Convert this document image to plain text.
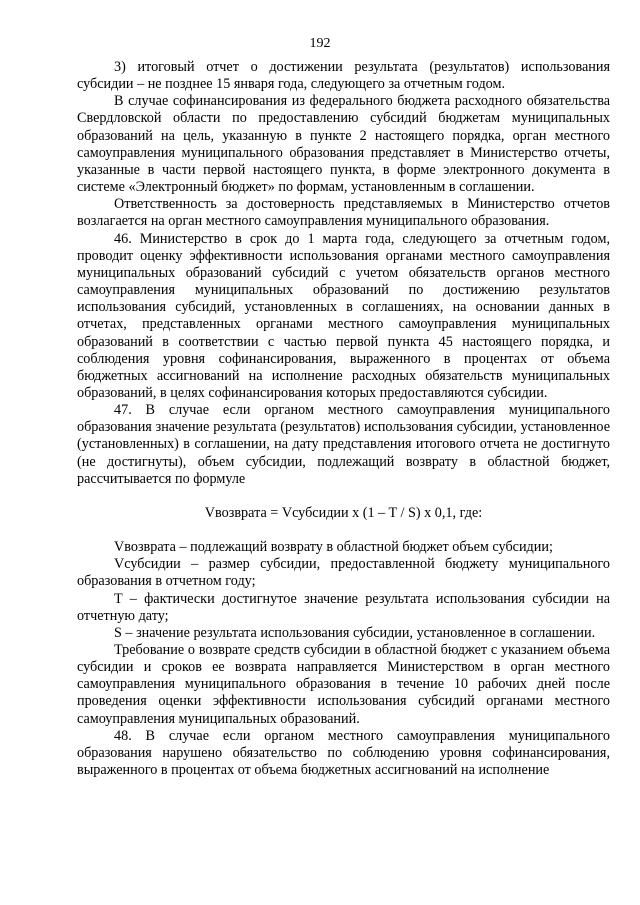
192

3) итоговый отчет о достижении результата (результатов) использования субсидии – не позднее 15 января года, следующего за отчетным годом.

В случае софинансирования из федерального бюджета расходного обязательства Свердловской области по предоставлению субсидий бюджетам муниципальных образований на цель, указанную в пункте 2 настоящего порядка, орган местного самоуправления муниципального образования представляет в Министерство отчеты, указанные в части первой настоящего пункта, в форме электронного документа в системе «Электронный бюджет» по формам, установленным в соглашении.

Ответственность за достоверность представляемых в Министерство отчетов возлагается на орган местного самоуправления муниципального образования.

46. Министерство в срок до 1 марта года, следующего за отчетным годом, проводит оценку эффективности использования органами местного самоуправления муниципальных образований субсидий с учетом обязательств органов местного самоуправления муниципальных образований по достижению результатов использования субсидий, установленных в соглашениях, на основании данных в отчетах, представленных органами местного самоуправления муниципальных образований в соответствии с частью первой пункта 45 настоящего порядка, и соблюдения уровня софинансирования, выраженного в процентах от объема бюджетных ассигнований на исполнение расходных обязательств муниципальных образований, в целях софинансирования которых предоставляются субсидии.

47. В случае если органом местного самоуправления муниципального образования значение результата (результатов) использования субсидии, установленное (установленных) в соглашении, на дату представления итогового отчета не достигнуто (не достигнуты), объем субсидии, подлежащий возврату в областной бюджет, рассчитывается по формуле

Vвозврата = Vсубсидии x (1 – T / S) x 0,1, где:

Vвозврата – подлежащий возврату в областной бюджет объем субсидии;

Vсубсидии – размер субсидии, предоставленной бюджету муниципального образования в отчетном году;

T – фактически достигнутое значение результата использования субсидии на отчетную дату;

S – значение результата использования субсидии, установленное в соглашении.

Требование о возврате средств субсидии в областной бюджет с указанием объема субсидии и сроков ее возврата направляется Министерством в орган местного самоуправления муниципального образования в течение 10 рабочих дней после проведения оценки эффективности использования субсидий органами местного самоуправления муниципальных образований.

48. В случае если органом местного самоуправления муниципального образования нарушено обязательство по соблюдению уровня софинансирования, выраженного в процентах от объема бюджетных ассигнований на исполнение
